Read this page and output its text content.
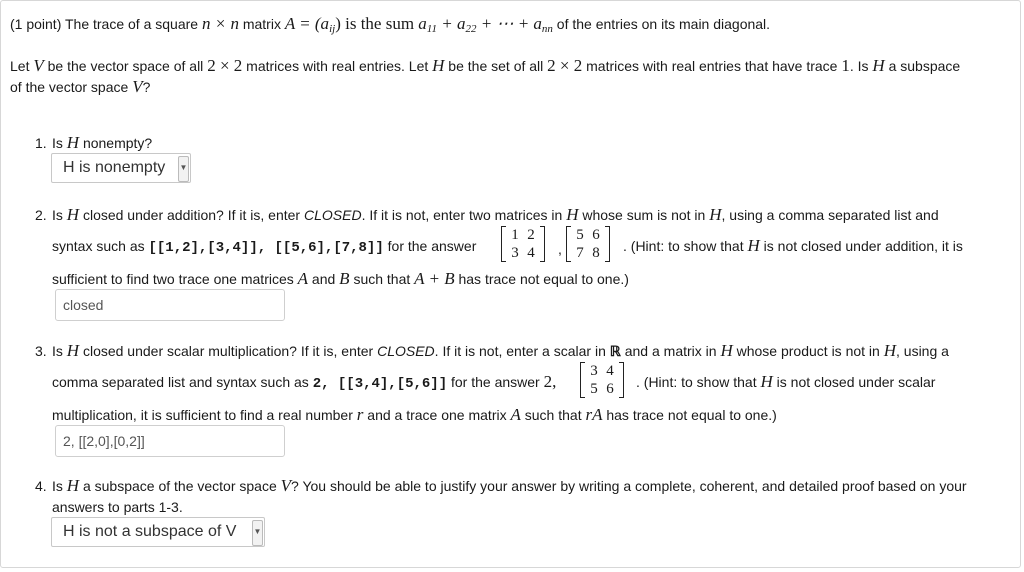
(1 point) The trace of a square n × n matrix $A = (a_{ij})$ is the sum $a_{11} + a_{22}$ + ⋯ + $a_{nn}$ of the entries on its main diagonal.
Let V be the vector space of all 2 × 2 matrices with real entries. Let H be the set of all 2 × 2 matrices with real entries that have trace 1. Is H a subspace
of the vector space V?
1. Is H nonempty?
H is nonempty ▼
2. Is H closed under addition? If it is, enter CLOSED. If it is not, enter two matrices in H whose sum is not in H, using a comma separated list and
syntax such as [[1,2],[3,4]], [[5,6],[7,8]] for the answer
1 2
3 4	,
5 6
7 8	. (Hint: to show that H is not closed under addition, it is
sufficient to find two trace one matrices A and B such that A + B has trace not equal to one.)
closed
3. Is H closed under scalar multiplication? If it is, enter CLOSED. If it is not, enter a scalar in ℝ and a matrix in H whose product is not in H, using a
comma separated list and syntax such as 2, [[3,4],[5,6]] for the answer 2,
3 4
5 6	. (Hint: to show that H is not closed under scalar
multiplication, it is sufficient to find a real number r and a trace one matrix A such that rA has trace not equal to one.)
2, [[2,0],[0,2]]
4. Is H a subspace of the vector space V? You should be able to justify your answer by writing a complete, coherent, and detailed proof based on your
answers to parts 1-3.
H is not a subspace of V ▼
